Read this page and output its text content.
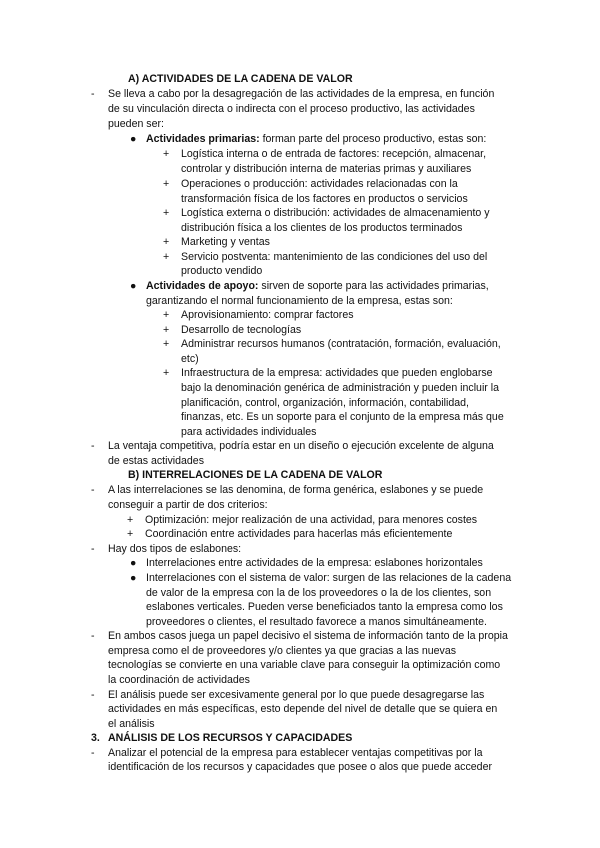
A) ACTIVIDADES DE LA CADENA DE VALOR
- Se lleva a cabo por la desagregación de las actividades de la empresa, en función
de su vinculación directa o indirecta con el proceso productivo, las actividades
pueden ser:
● Actividades primarias: forman parte del proceso productivo, estas son:
+ Logística interna o de entrada de factores: recepción, almacenar,
controlar y distribución interna de materias primas y auxiliares
+ Operaciones o producción: actividades relacionadas con la
transformación física de los factores en productos o servicios
+ Logística externa o distribución: actividades de almacenamiento y
distribución física a los clientes de los productos terminados
+ Marketing y ventas
+ Servicio postventa: mantenimiento de las condiciones del uso del
producto vendido
● Actividades de apoyo: sirven de soporte para las actividades primarias,
garantizando el normal funcionamiento de la empresa, estas son:
+ Aprovisionamiento: comprar factores
+ Desarrollo de tecnologías
+ Administrar recursos humanos (contratación, formación, evaluación,
etc)
+ Infraestructura de la empresa: actividades que pueden englobarse
bajo la denominación genérica de administración y pueden incluir la
planificación, control, organización, información, contabilidad,
finanzas, etc. Es un soporte para el conjunto de la empresa más que
para actividades individuales
- La ventaja competitiva, podría estar en un diseño o ejecución excelente de alguna
de estas actividades
B) INTERRELACIONES DE LA CADENA DE VALOR
- A las interrelaciones se las denomina, de forma genérica, eslabones y se puede
conseguir a partir de dos criterios:
+ Optimización: mejor realización de una actividad, para menores costes
+ Coordinación entre actividades para hacerlas más eficientemente
- Hay dos tipos de eslabones:
● Interrelaciones entre actividades de la empresa: eslabones horizontales
● Interrelaciones con el sistema de valor: surgen de las relaciones de la cadena
de valor de la empresa con la de los proveedores o la de los clientes, son
eslabones verticales. Pueden verse beneficiados tanto la empresa como los
proveedores o clientes, el resultado favorece a manos simultáneamente.
- En ambos casos juega un papel decisivo el sistema de información tanto de la propia
empresa como el de proveedores y/o clientes ya que gracias a las nuevas
tecnologías se convierte en una variable clave para conseguir la optimización como
la coordinación de actividades
- El análisis puede ser excesivamente general por lo que puede desagregarse las
actividades en más específicas, esto depende del nivel de detalle que se quiera en
el análisis
3. ANÁLISIS DE LOS RECURSOS Y CAPACIDADES
- Analizar el potencial de la empresa para establecer ventajas competitivas por la
identificación de los recursos y capacidades que posee o alos que puede acceder
